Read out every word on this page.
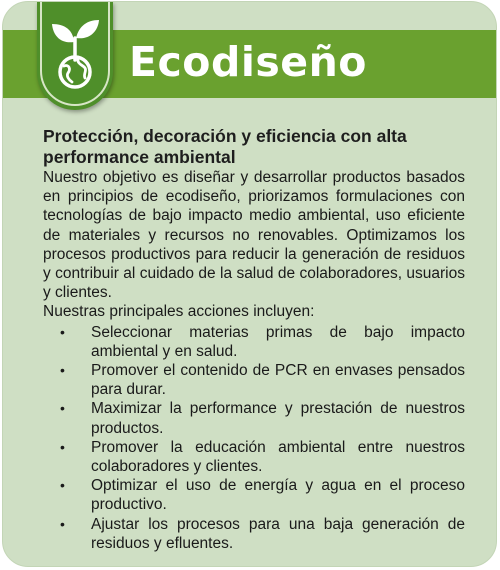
Ecodiseño

Protección, decoración y eficiencia con alta performance ambiental

Nuestro objetivo es diseñar y desarrollar productos basados en principios de ecodiseño, priorizamos formulaciones con tecnologías de bajo impacto medio ambiental, uso eficiente de materiales y recursos no renovables. Optimizamos los procesos productivos para reducir la generación de residuos y contribuir al cuidado de la salud de colaboradores, usuarios y clientes.

Nuestras principales acciones incluyen:

• Seleccionar materias primas de bajo impacto ambiental y en salud.
• Promover el contenido de PCR en envases pensados para durar.
• Maximizar la performance y prestación de nuestros productos.
• Promover la educación ambiental entre nuestros colaboradores y clientes.
• Optimizar el uso de energía y agua en el proceso productivo.
• Ajustar los procesos para una baja generación de residuos y efluentes.
